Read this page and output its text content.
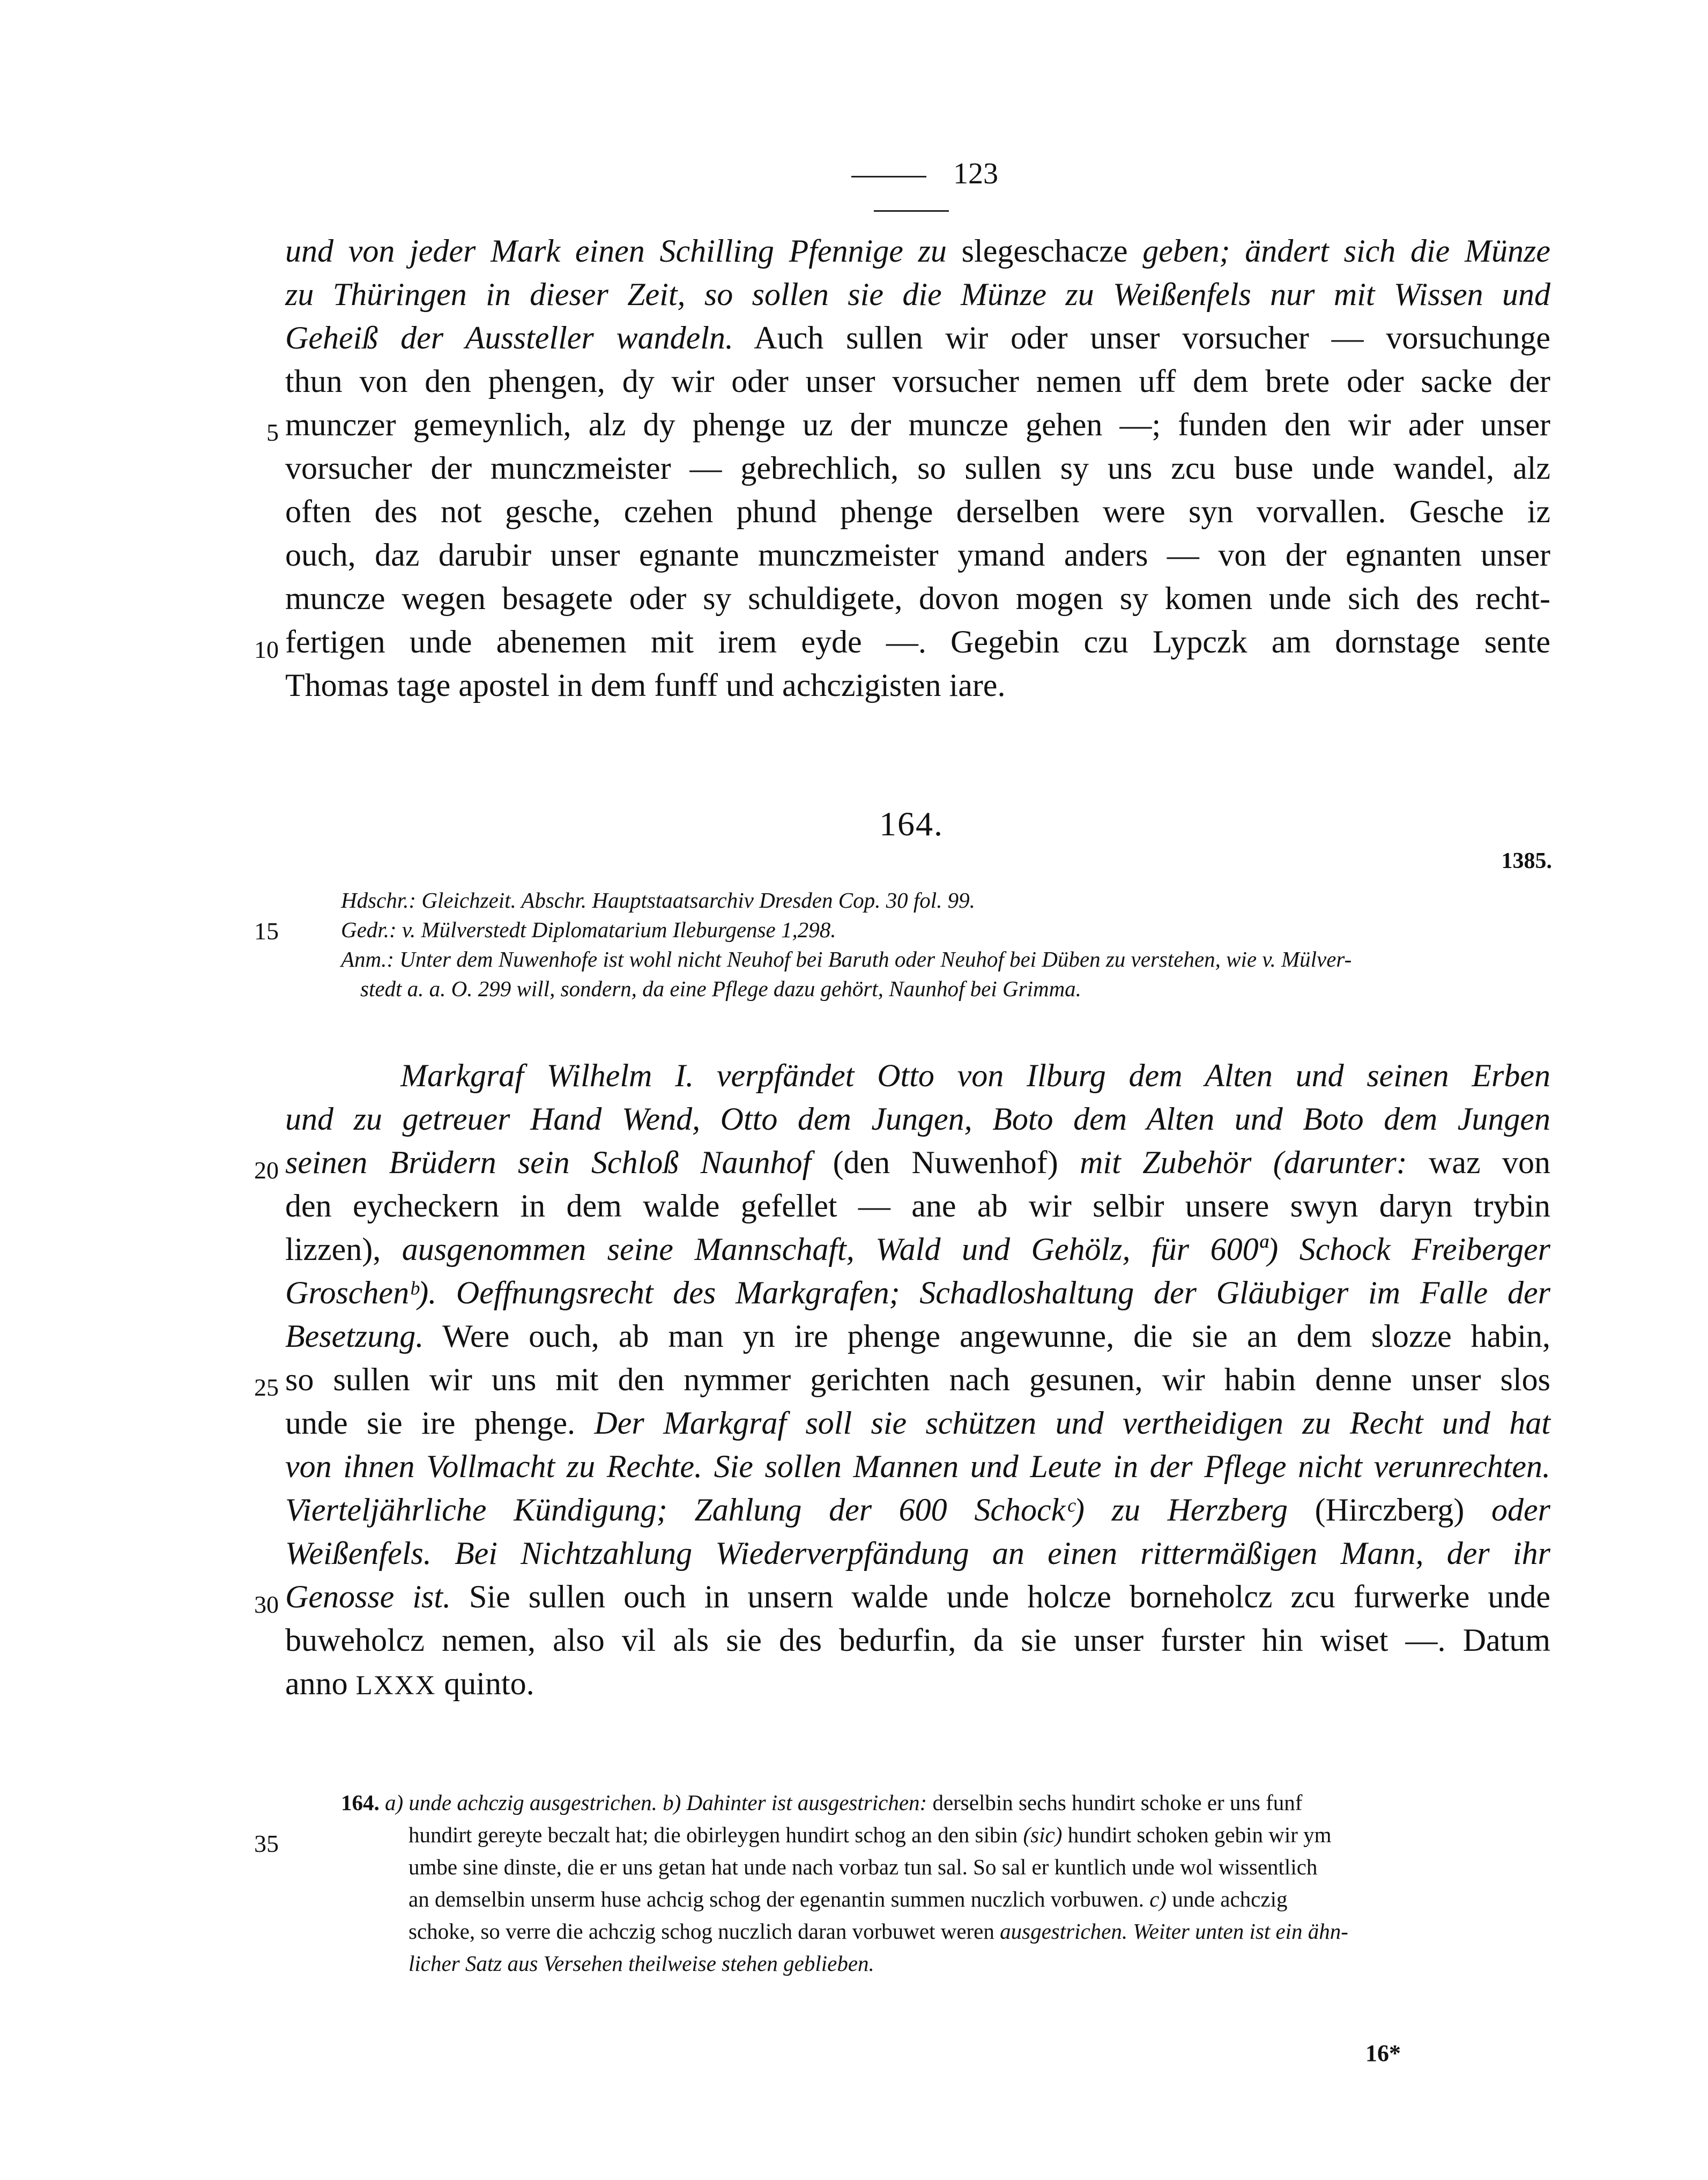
123
und von jeder Mark einen Schilling Pfennige zu slegeschacze geben; ändert sich die Münze
zu Thüringen in dieser Zeit, so sollen sie die Münze zu Weißenfels nur mit Wissen und
Geheiß der Aussteller wandeln. Auch sullen wir oder unser vorsucher — vorsuchunge
thun von den phengen, dy wir oder unser vorsucher nemen uff dem brete oder sacke der
munczer gemeynlich, alz dy phenge uz der muncze gehen —; funden den wir ader unser
vorsucher der munczmeister — gebrechlich, so sullen sy uns zcu buse unde wandel, alz
often des not gesche, czehen phund phenge derselben were syn vorvallen. Gesche iz
ouch, daz darubir unser egnante munczmeister ymand anders — von der egnanten unser
muncze wegen besagete oder sy schuldigete, dovon mogen sy komen unde sich des recht-
fertigen unde abenemen mit irem eyde —. Gegebin czu Lypczk am dornstage sente
Thomas tage apostel in dem funff und achczigisten iare.
5
10
164.
1385.
Hdschr.: Gleichzeit. Abschr. Hauptstaatsarchiv Dresden Cop. 30 fol. 99.
Gedr.: v. Mülverstedt Diplomatarium Ileburgense 1,298.
Anm.: Unter dem Nuwenhofe ist wohl nicht Neuhof bei Baruth oder Neuhof bei Düben zu verstehen, wie v. Mülver-
stedt a. a. O. 299 will, sondern, da eine Pflege dazu gehört, Naunhof bei Grimma.
15
Markgraf Wilhelm I. verpfändet Otto von Ilburg dem Alten und seinen Erben
und zu getreuer Hand Wend, Otto dem Jungen, Boto dem Alten und Boto dem Jungen
seinen Brüdern sein Schloß Naunhof (den Nuwenhof) mit Zubehör (darunter: waz von
den eycheckern in dem walde gefellet — ane ab wir selbir unsere swyn daryn trybin
lizzen), ausgenommen seine Mannschaft, Wald und Gehölz, für 600ª) Schock Freiberger
Groschenᵇ). Oeffnungsrecht des Markgrafen; Schadloshaltung der Gläubiger im Falle der
Besetzung. Were ouch, ab man yn ire phenge angewunne, die sie an dem slozze habin,
so sullen wir uns mit den nymmer gerichten nach gesunen, wir habin denne unser slos
unde sie ire phenge. Der Markgraf soll sie schützen und vertheidigen zu Recht und hat
von ihnen Vollmacht zu Rechte. Sie sollen Mannen und Leute in der Pflege nicht verunrechten.
Vierteljährliche Kündigung; Zahlung der 600 Schockᶜ) zu Herzberg (Hirczberg) oder
Weißenfels. Bei Nichtzahlung Wiederverpfändung an einen rittermäßigen Mann, der ihr
Genosse ist. Sie sullen ouch in unsern walde unde holcze borneholcz zcu furwerke unde
buweholcz nemen, also vil als sie des bedurfin, da sie unser furster hin wiset —. Datum
anno LXXX quinto.
20
25
30
164. a) unde achczig ausgestrichen. b) Dahinter ist ausgestrichen: derselbin sechs hundirt schoke er uns funf
hundirt gereyte beczalt hat; die obirleygen hundirt schog an den sibin (sic) hundirt schoken gebin wir ym
umbe sine dinste, die er uns getan hat unde nach vorbaz tun sal. So sal er kuntlich unde wol wissentlich
an demselbin unserm huse achcig schog der egenantin summen nuczlich vorbuwen. c) unde achczig
schoke, so verre die achczig schog nuczlich daran vorbuwet weren ausgestrichen. Weiter unten ist ein ähn-
licher Satz aus Versehen theilweise stehen geblieben.
35
16*
